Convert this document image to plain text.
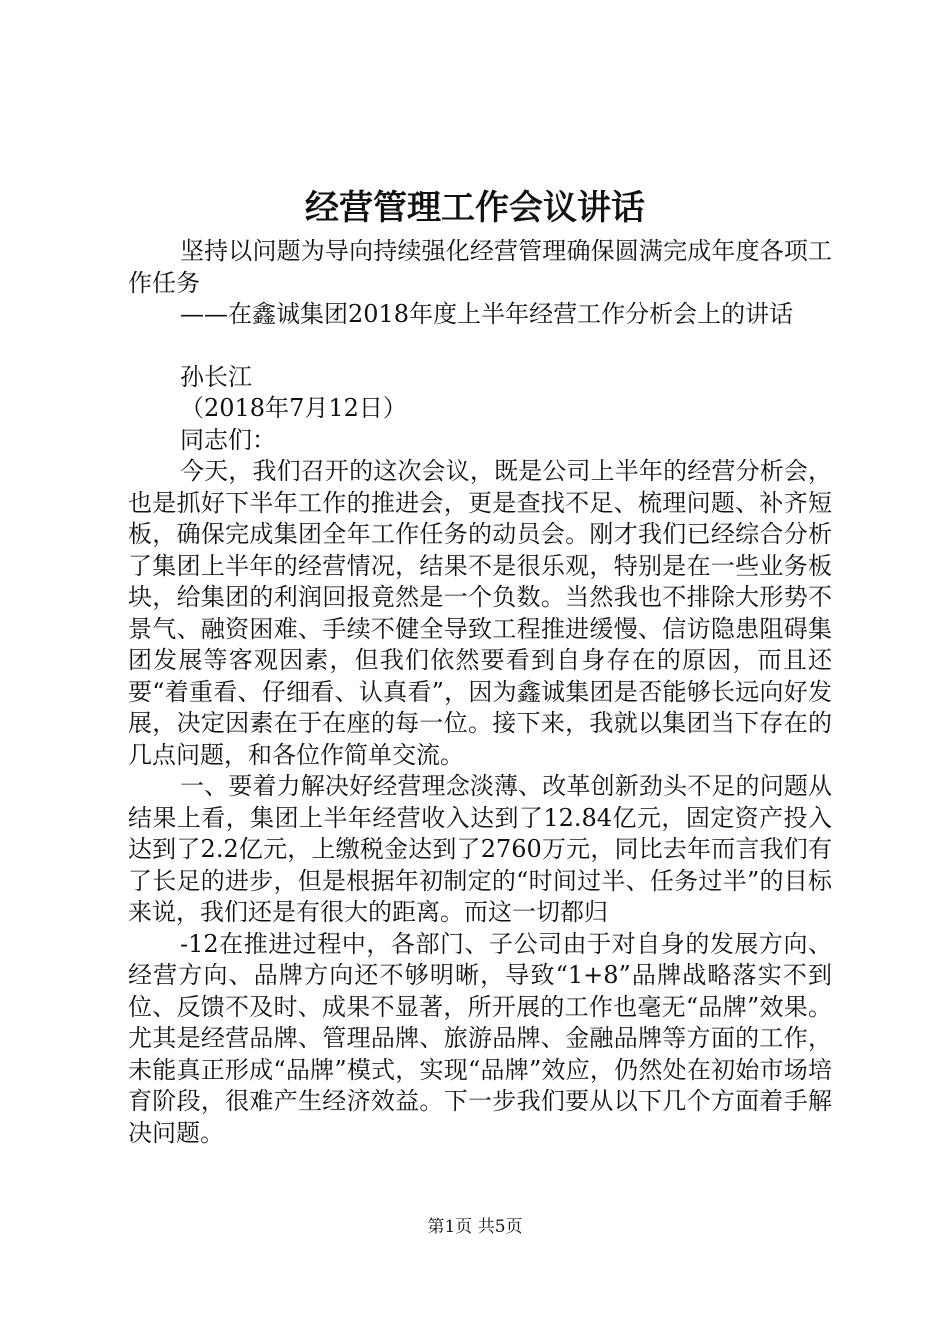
经营管理工作会议讲话

坚持以问题为导向持续强化经营管理确保圆满完成年度各项工作任务

——在鑫诚集团2018年度上半年经营工作分析会上的讲话

孙长江

（2018年7月12日）

同志们：

今天，我们召开的这次会议，既是公司上半年的经营分析会，也是抓好下半年工作的推进会，更是查找不足、梳理问题、补齐短板，确保完成集团全年工作任务的动员会。刚才我们已经综合分析了集团上半年的经营情况，结果不是很乐观，特别是在一些业务板块，给集团的利润回报竟然是一个负数。当然我也不排除大形势不景气、融资困难、手续不健全导致工程推进缓慢、信访隐患阻碍集团发展等客观因素，但我们依然要看到自身存在的原因，而且还要“着重看、仔细看、认真看”，因为鑫诚集团是否能够长远向好发展，决定因素在于在座的每一位。接下来，我就以集团当下存在的几点问题，和各位作简单交流。

一、要着力解决好经营理念淡薄、改革创新劲头不足的问题从结果上看，集团上半年经营收入达到了12.84亿元，固定资产投入达到了2.2亿元，上缴税金达到了2760万元，同比去年而言我们有了长足的进步，但是根据年初制定的“时间过半、任务过半”的目标来说，我们还是有很大的距离。而这一切都归

-12在推进过程中，各部门、子公司由于对自身的发展方向、经营方向、品牌方向还不够明晰，导致“1+8”品牌战略落实不到位、反馈不及时、成果不显著，所开展的工作也毫无“品牌”效果。尤其是经营品牌、管理品牌、旅游品牌、金融品牌等方面的工作，未能真正形成“品牌”模式，实现“品牌”效应，仍然处在初始市场培育阶段，很难产生经济效益。下一步我们要从以下几个方面着手解决问题。

第1页 共5页
